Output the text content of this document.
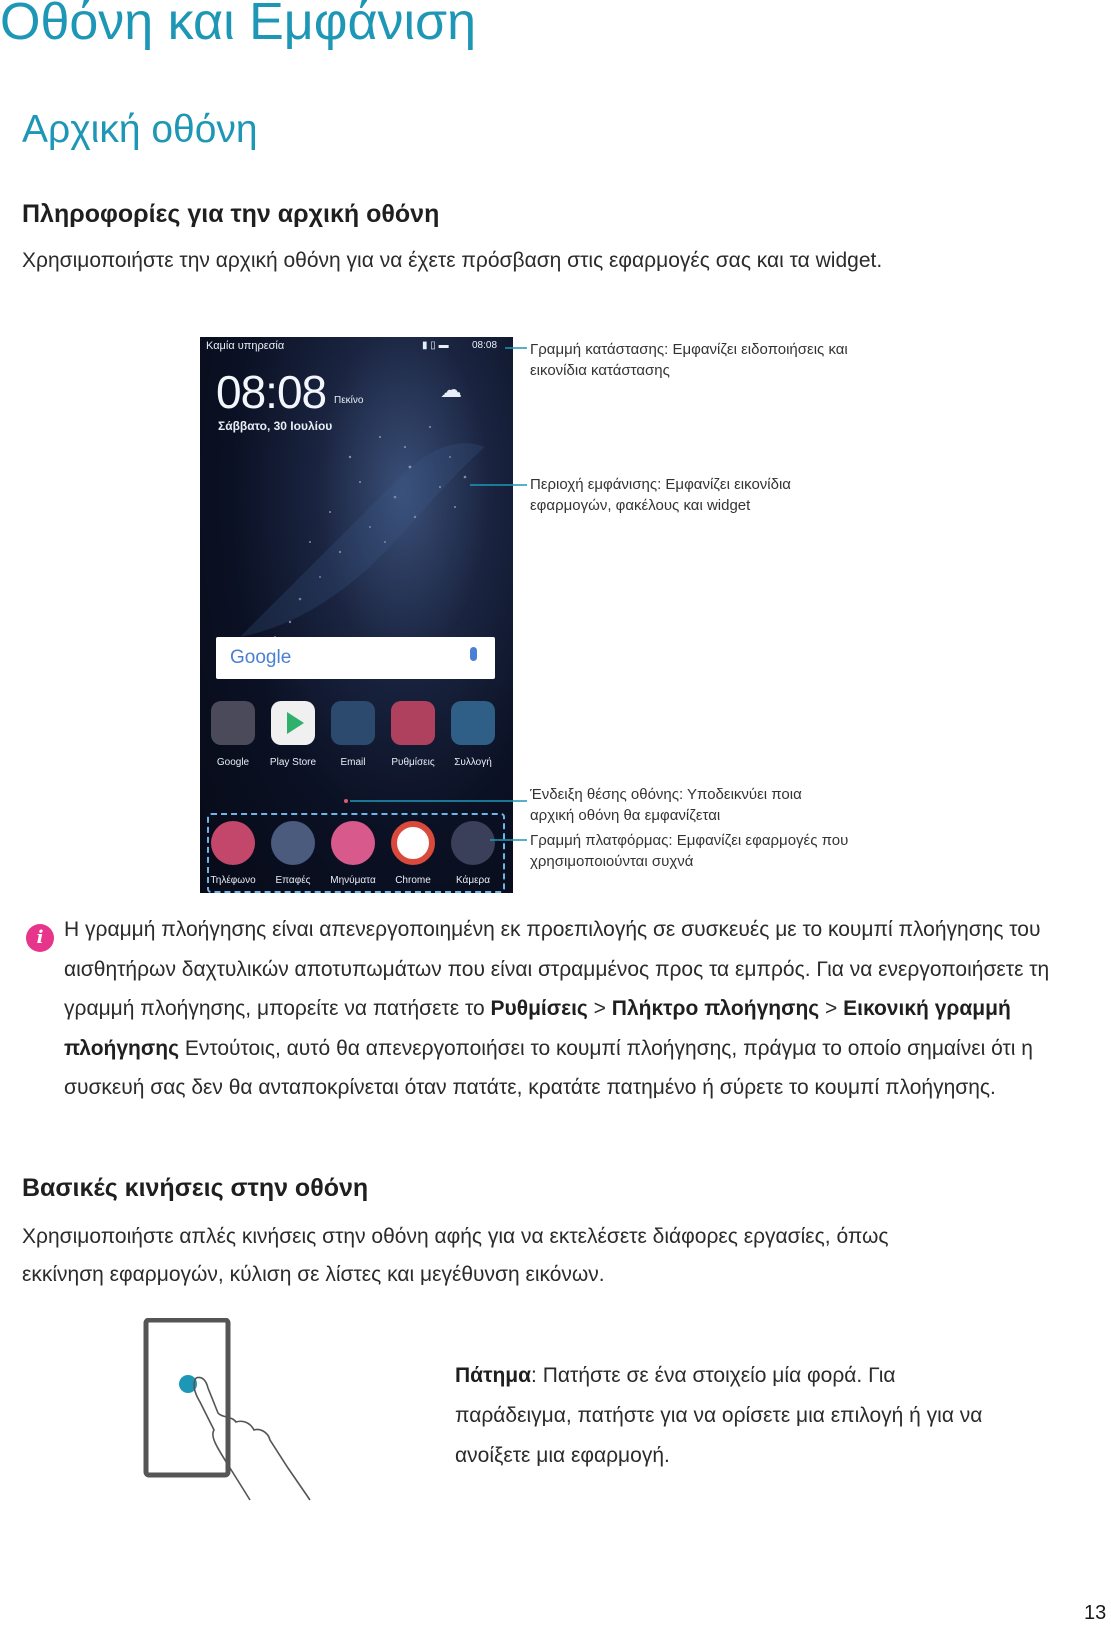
Οθόνη και Εμφάνιση
Αρχική οθόνη
Πληροφορίες για την αρχική οθόνη
Χρησιμοποιήστε την αρχική οθόνη για να έχετε πρόσβαση στις εφαρμογές σας και τα widget.
Καμία υπηρεσία	▮ ▯ ▬ 08:08
08:08 Πεκίνο	☁
Σάββατο, 30 Ιουλίου
Google
Google	Play Store	Email	Ρυθμίσεις	Συλλογή
Τηλέφωνο	Επαφές	Μηνύματα	Chrome	Κάμερα
Γραμμή κατάστασης: Εμφανίζει ειδοποιήσεις και
εικονίδια κατάστασης
Περιοχή εμφάνισης: Εμφανίζει εικονίδια
εφαρμογών, φακέλους και widget
Ένδειξη θέσης οθόνης: Υποδεικνύει ποια
αρχική οθόνη θα εμφανίζεται
Γραμμή πλατφόρμας: Εμφανίζει εφαρμογές που
χρησιμοποιούνται συχνά
i Η γραμμή πλοήγησης είναι απενεργοποιημένη εκ προεπιλογής σε συσκευές με το κουμπί πλοήγησης του αισθητήρων δαχτυλικών αποτυπωμάτων που είναι στραμμένος προς τα εμπρός. Για να ενεργοποιήσετε τη γραμμή πλοήγησης, μπορείτε να πατήσετε το Ρυθμίσεις > Πλήκτρο πλοήγησης > Εικονική γραμμή πλοήγησης Εντούτοις, αυτό θα απενεργοποιήσει το κουμπί πλοήγησης, πράγμα το οποίο σημαίνει ότι η συσκευή σας δεν θα ανταποκρίνεται όταν πατάτε, κρατάτε πατημένο ή σύρετε το κουμπί πλοήγησης.
Βασικές κινήσεις στην οθόνη
Χρησιμοποιήστε απλές κινήσεις στην οθόνη αφής για να εκτελέσετε διάφορες εργασίες, όπως
εκκίνηση εφαρμογών, κύλιση σε λίστες και μεγέθυνση εικόνων.
Πάτημα: Πατήστε σε ένα στοιχείο μία φορά. Για
παράδειγμα, πατήστε για να ορίσετε μια επιλογή ή για να
ανοίξετε μια εφαρμογή.
13
